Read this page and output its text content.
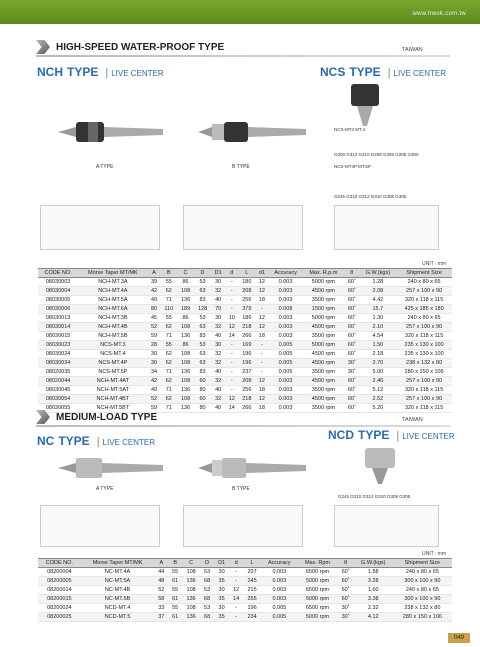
www.hwok.com.tw
HIGH-SPEED WATER-PROOF TYPE	TAIWAN
NCH TYPE | LIVE CENTER	NCS TYPE | LIVE CENTER
A TYPE	B TYPE
NCS-MT3 MT.4
G300 G312 G310 G208 G305 G205 G300
NCS-MT4P MT.5P
G245 G310 G312 G310 G308 G305
UNIT : mm
CODE NO.	Morse Taper MT/MK	A	B	C	D	D1	d	L	d1	Accuracy	Max. R.p.m	θ	G.W.(kgs)	Shipment Size
08030003	NCH-MT.3A	39	55	86	53	30	-	180	12	0.003	5000 rpm	60˚	1.28	240 x 80 x 65
08030004	NCH-MT.4A	42	62	108	63	32	-	208	12	0.003	4500 rpm	60˚	2.08	257 x 100 x 90
08030005	NCH-MT.5A	49	71	136	83	40	-	256	18	0.003	3500 rpm	60˚	4.42	320 x 118 x 115
08030006	NCH-MT.6A	80	110	189	128	70	-	379	-	0.008	1500 rpm	60˚	15.7	425 x 185 x 180
08030013	NCH-MT.3B	45	55	86	53	30	10	186	12	0.003	5000 rpm	60˚	1.30	240 x 80 x 65
08030014	NCH-MT.4B	52	62	108	63	32	12	218	12	0.003	4500 rpm	60˚	2.10	257 x 100 x 90
08030015	NCH-MT.5B	59	71	136	83	40	14	266	18	0.003	3500 rpm	60˚	4.54	320 x 118 x 115
08030023	NCS-MT.3	28	55	86	53	30	-	169	-	0.005	5000 rpm	60˚	1.50	235 x 130 x 100
08030024	NCS-MT.4	30	62	108	63	32	-	196	-	0.005	4500 rpm	60˚	2.18	235 x 130 x 100
08030034	NCS-MT.4P	30	62	108	63	32	-	196	-	0.005	4500 rpm	30˚	2.70	238 x 132 x 80
08020035	NCS-MT.5P	34	71	136	83	40	-	237	-	0.005	3500 rpm	30˚	5.00	280 x 150 x 106
08020044	NCH-MT.4AT	42	62	108	60	32	-	208	12	0.003	4500 rpm	60˚	2.46	257 x 100 x 90
08030045	NCH-MT.5AT	49	71	136	80	40	-	256	18	0.003	3500 rpm	60˚	5.12	320 x 118 x 115
08030054	NCH-MT.4BT	52	62	108	60	32	12	218	12	0.003	4500 rpm	60˚	2.52	257 x 100 x 90
08030055	NCH-MT.5BT	59	71	136	80	40	14	266	18	0.003	3500 rpm	60˚	5.20	320 x 118 x 115
MEDIUM-LOAD TYPE	TAIWAN
NC TYPE | LIVE CENTER
NCD TYPE | LIVE CENTER
A TYPE	B TYPE
G245 G310 G312 G310 G308 G305
UNIT : mm
CODE NO.	Morse Taper MT/MK	A	B	C	D	D1	d	L	Accuracy	Max. Rpm	θ	G.W.(kgs)	Shipment Size
08200004	NC-MT.4A	44	55	108	53	30	-	207	0.003	6500 rpm	60˚	1.58	240 x 80 x 65
08200005	NC-MT.5A	48	61	136	68	35	-	245	0.003	5000 rpm	60˚	3.28	300 x 100 x 90
08200014	NC-MT.4B	52	55	108	53	30	12	215	0.003	6500 rpm	60˚	1.60	240 x 80 x 65
08200015	NC-MT.5B	58	61	136	68	35	14	255	0.003	5000 rpm	60˚	3.38	300 x 100 x 90
08200024	NCD-MT.4	33	55	108	53	30	-	196	0.005	6500 rpm	30˚	2.32	238 x 132 x 80
08200025	NCD-MT.5	37	61	136	68	35	-	234	0.005	5000 rpm	30˚	4.12	280 x 150 x 106
049
